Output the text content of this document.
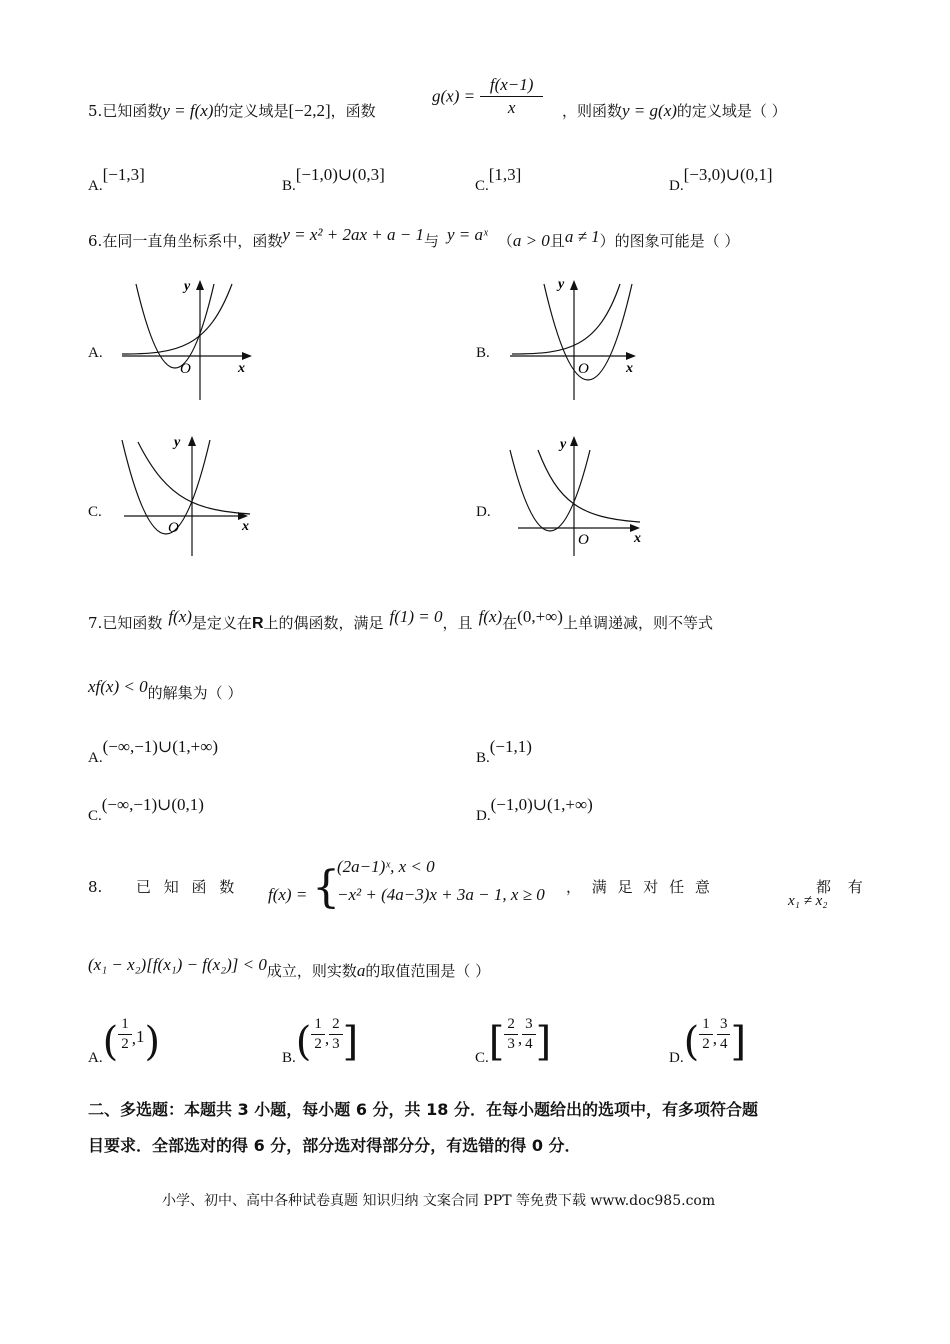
5.已知函数y = f(x)的定义域是[−2,2]，函数
$g(x) = \frac{f(x-1)}{x}$ ，则函数y = g(x)的定义域是（ ）
A.[−1,3]
B.[−1,0)∪(0,3]
C.[1,3]
D.[−3,0)∪(0,1]
6.在同一直角坐标系中，函数y = x² + 2ax + a − 1与 y = aˣ （a > 0且a ≠ 1）的图象可能是（ ）
A.	B.
C.	D.
y
x
O
y
x
O
y
x
O
y
x
O
7.已知函数 f(x)是定义在R上的偶函数，满足 f(1) = 0，且 f(x)在(0,+∞)上单调递减，则不等式
xf(x) < 0的解集为（ ）
A.(−∞,−1)∪(1,+∞)
B.(−1,1)
C.(−∞,−1)∪(0,1)
D.(−1,0)∪(1,+∞)
8. 已 知 函 数 f(x) = {
(2a−1)ˣ, x < 0
−x² + (4a−3)x + 3a − 1, x ≥ 0 ， 满 足 对 任 意
x₁ ≠ x₂
都 有
(x₁ − x₂)[f(x₁) − f(x₂)] < 0成立，则实数a的取值范围是（ ）
$A.( \frac{1}{2} ,1)$	$B.( \frac{1}{2}$ , $\frac{2}{3}$ ]	$C.[ \frac{2}{3}$ , $\frac{3}{4}$ ]	$D.( \frac{1}{2}$ , $\frac{3}{4}$ ]
二、多选题：本题共 3 小题，每小题 6 分，共 18 分．在每小题给出的选项中，有多项符合题
目要求．全部选对的得 6 分，部分选对得部分分，有选错的得 0 分．
小学、初中、高中各种试卷真题 知识归纳 文案合同 PPT 等免费下载 www.doc985.com
